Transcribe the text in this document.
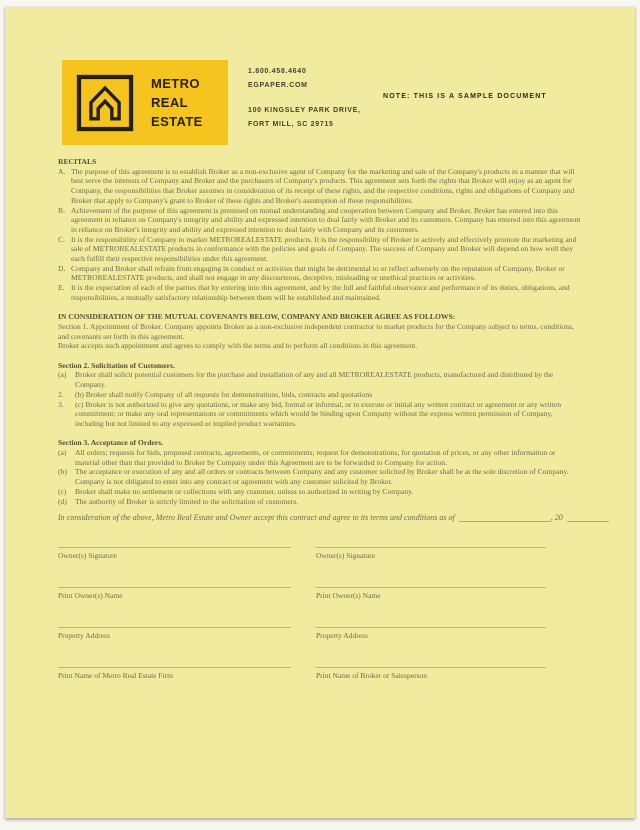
METRO
REAL
ESTATE
1.800.458.4640
EGPAPER.COM
100 KINGSLEY PARK DRIVE,
FORT MILL, SC 29715
NOTE: THIS IS A SAMPLE DOCUMENT
RECITALS
A. The purpose of this agreement is to establish Broker as a non-exclusive agent of Company for the marketing and sale of the Company's products in a manner that will best serve the interests of Company and Broker and the purchasers of Company's products. This agreement sets forth the rights that Broker will enjoy as an agent for Company, the responsibilities that Broker assumes in consideration of its receipt of these rights, and the respective conditions, rights and obligations of Company and Broker that apply to Company's grant to Broker of these rights and Broker's assumption of these responsibilities.
B. Achievement of the purpose of this agreement is premised on mutual understanding and cooperation between Company and Broker. Broker has entered into this agreement in reliance on Company's integrity and ability and expressed intention to deal fairly with Broker and its customers. Company has entered into this agreement in reliance on Broker's integrity and ability and expressed intention to deal fairly with Company and its customers.
C. It is the responsibility of Company to market METROREALESTATE products. It is the responsibility of Broker to actively and effectively promote the marketing and sale of METROREALESTATE products in conformance with the policies and goals of Company. The success of Company and Broker will depend on how well they each fulfill their respective responsibilities under this agreement.
D. Company and Broker shall refrain from engaging in conduct or activities that might be detrimental to or reflect adversely on the reputation of Company, Broker or METROREALESTATE products, and shall not engage in any discourteous, deceptive, misleading or unethical practices or activities.
E. It is the expectation of each of the parties that by entering into this agreement, and by the full and faithful observance and performance of its duties, obligations, and responsibilities, a mutually satisfactory relationship between them will be established and maintained.
IN CONSIDERATION OF THE MUTUAL COVENANTS BELOW, COMPANY AND BROKER AGREE AS FOLLOWS:
Section 1. Appointment of Broker. Company appoints Broker as a non-exclusive independent contractor to market products for the Company subject to terms, conditions, and covenants set forth in this agreement.
Broker accepts such appointment and agrees to comply with the terms and to perform all conditions in this agreement.
Section 2. Solicitation of Customers.
(a) Broker shall solicit potential customers for the purchase and installation of any and all METROREALESTATE products, manufactured and distributed by the Company.
2. (b) Broker shall notify Company of all requests for demonstrations, bids, contracts and quotations
3. (c) Broker is not authorized to give any quotations, or make any bid, formal or informal, or to execute or initial any written contract or agreement or any written commitment; or make any oral representations or commitments which would be binding upon Company without the express written permission of Company, including but not limited to any expressed or implied product warranties.
Section 3. Acceptance of Orders.
(a) All orders; requests for bids, proposed contracts, agreements, or commitments; request for demonstrations, for quotation of prices, or any other information or material other than that provided to Broker by Company under this Agreement are to be forwarded to Company for action.
(b) The acceptance or execution of any and all orders or contracts between Company and any customer solicited by Broker shall be at the sole discretion of Company. Company is not obligated to enter into any contract or agreement with any customer solicited by Broker.
(c) Broker shall make no settlement or collections with any customer, unless so authorized in writing by Company.
(d) The authority of Broker is strictly limited to the solicitation of customers.
In consideration of the above, Metro Real Estate and Owner accept this contract and agree to its terms and conditions as of	, 20
Owner(s) Signature	Owner(s) Signature
Print Owner(s) Name	Print Owner(s) Name
Property Address	Property Address
Print Name of Metro Real Estate Firm	Print Name of Broker or Salesperson
